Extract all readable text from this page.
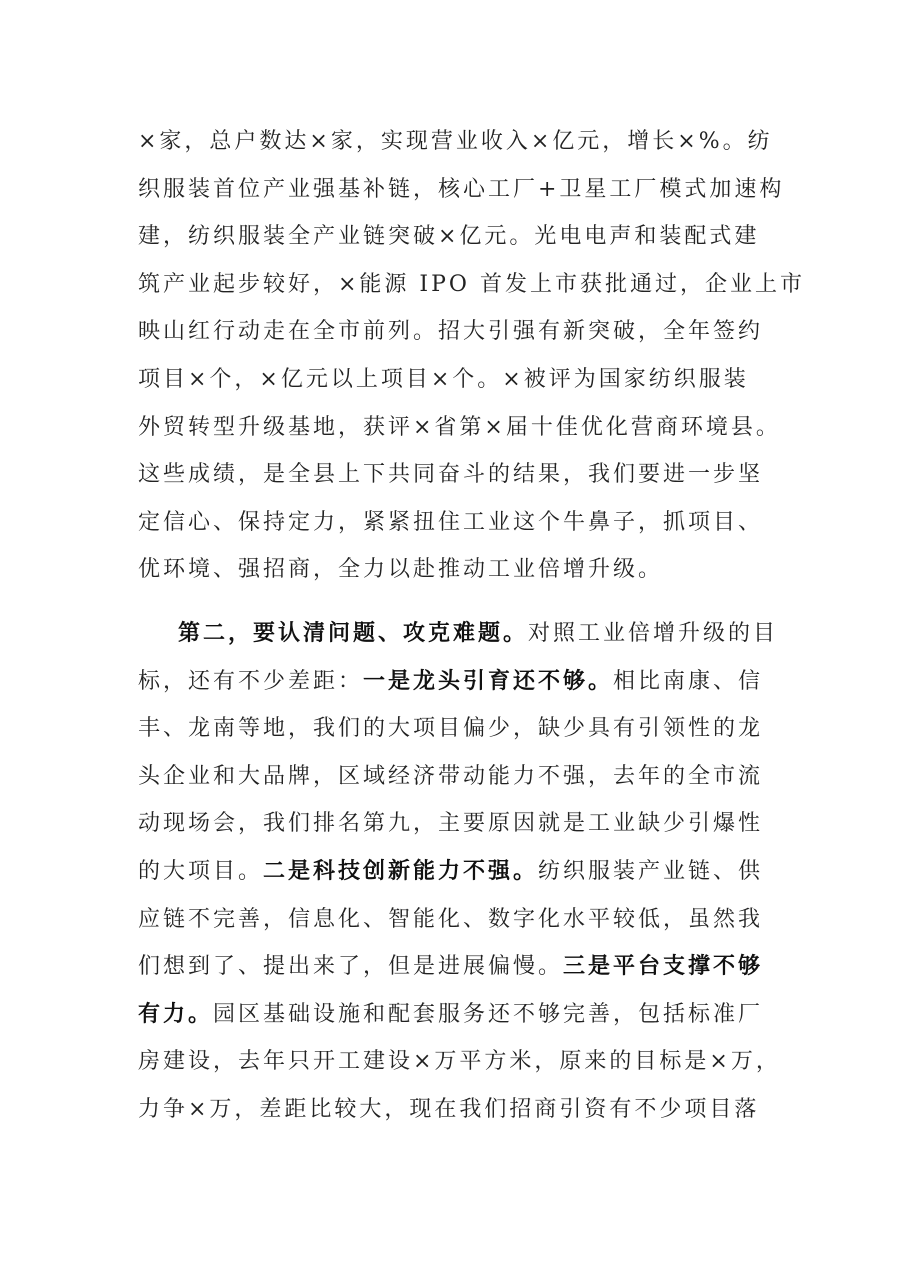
×家，总户数达×家，实现营业收入×亿元，增长×%。纺
织服装首位产业强基补链，核心工厂+卫星工厂模式加速构
建，纺织服装全产业链突破×亿元。光电电声和装配式建
筑产业起步较好，×能源 IPO 首发上市获批通过，企业上市
映山红行动走在全市前列。招大引强有新突破，全年签约
项目×个，×亿元以上项目×个。×被评为国家纺织服装
外贸转型升级基地，获评×省第×届十佳优化营商环境县。
这些成绩，是全县上下共同奋斗的结果，我们要进一步坚
定信心、保持定力，紧紧扭住工业这个牛鼻子，抓项目、
优环境、强招商，全力以赴推动工业倍增升级。
第二，要认清问题、攻克难题。对照工业倍增升级的目
标，还有不少差距：一是龙头引育还不够。相比南康、信
丰、龙南等地，我们的大项目偏少，缺少具有引领性的龙
头企业和大品牌，区域经济带动能力不强，去年的全市流
动现场会，我们排名第九，主要原因就是工业缺少引爆性
的大项目。二是科技创新能力不强。纺织服装产业链、供
应链不完善，信息化、智能化、数字化水平较低，虽然我
们想到了、提出来了，但是进展偏慢。三是平台支撑不够
有力。园区基础设施和配套服务还不够完善，包括标准厂
房建设，去年只开工建设×万平方米，原来的目标是×万，
力争×万，差距比较大，现在我们招商引资有不少项目落
